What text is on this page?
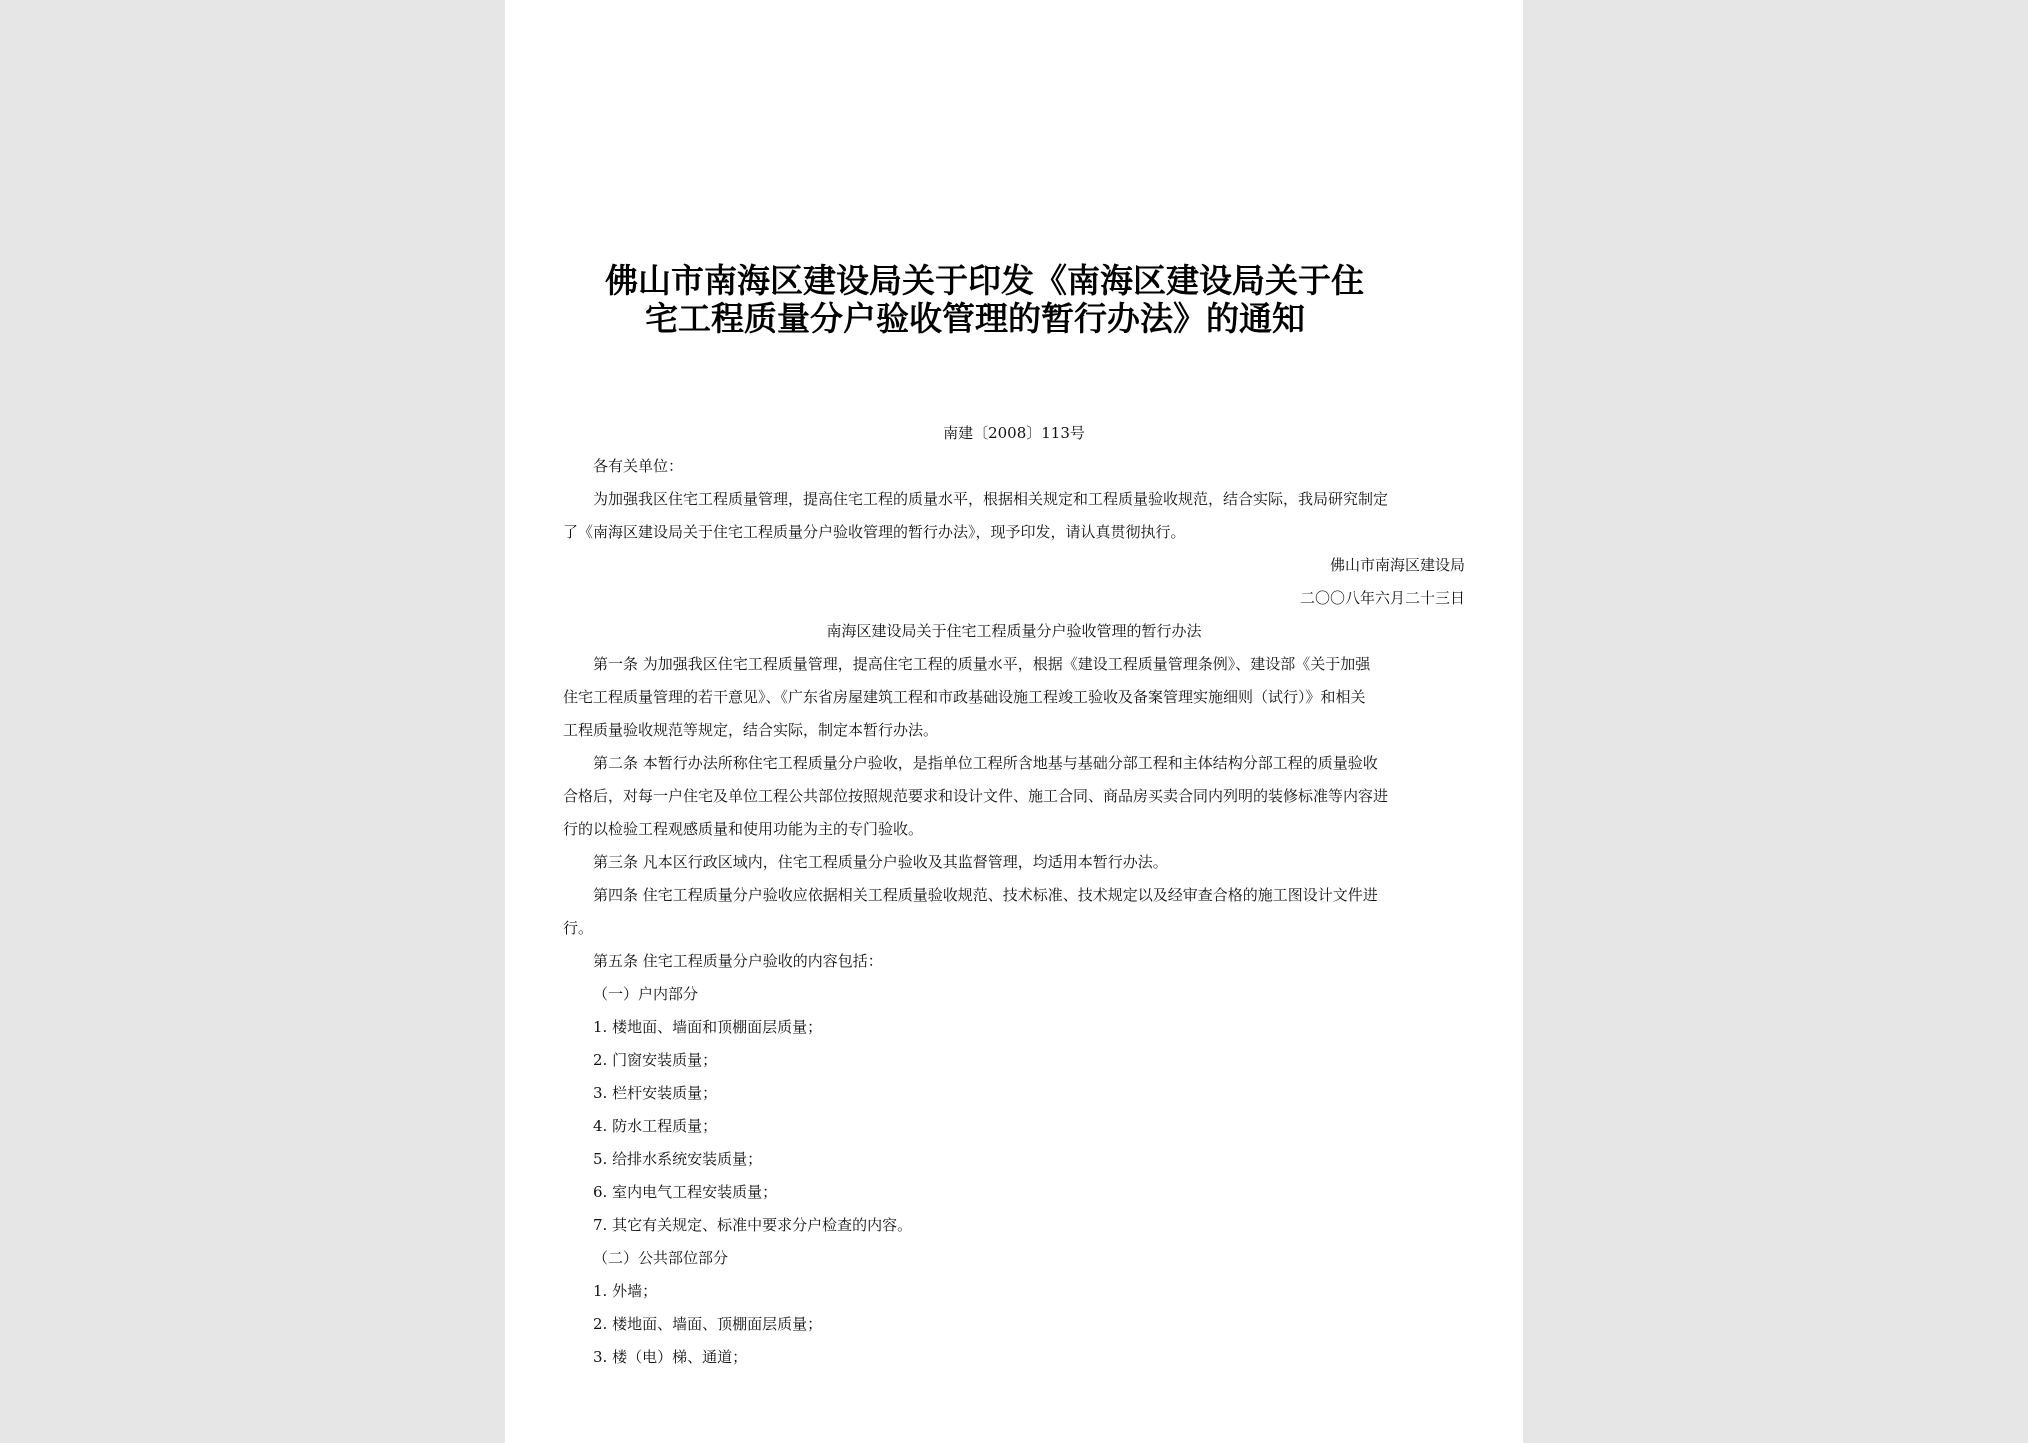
佛山市南海区建设局关于印发《南海区建设局关于住
宅工程质量分户验收管理的暂行办法》的通知
南建〔2008〕113号
各有关单位：
为加强我区住宅工程质量管理，提高住宅工程的质量水平，根据相关规定和工程质量验收规范，结合实际，我局研究制定
了《南海区建设局关于住宅工程质量分户验收管理的暂行办法》，现予印发，请认真贯彻执行。
佛山市南海区建设局
二〇〇八年六月二十三日
南海区建设局关于住宅工程质量分户验收管理的暂行办法
第一条 为加强我区住宅工程质量管理，提高住宅工程的质量水平，根据《建设工程质量管理条例》、建设部《关于加强
住宅工程质量管理的若干意见》、《广东省房屋建筑工程和市政基础设施工程竣工验收及备案管理实施细则（试行）》和相关
工程质量验收规范等规定，结合实际，制定本暂行办法。
第二条 本暂行办法所称住宅工程质量分户验收，是指单位工程所含地基与基础分部工程和主体结构分部工程的质量验收
合格后，对每一户住宅及单位工程公共部位按照规范要求和设计文件、施工合同、商品房买卖合同内列明的装修标准等内容进
行的以检验工程观感质量和使用功能为主的专门验收。
第三条 凡本区行政区域内，住宅工程质量分户验收及其监督管理，均适用本暂行办法。
第四条 住宅工程质量分户验收应依据相关工程质量验收规范、技术标准、技术规定以及经审查合格的施工图设计文件进
行。
第五条 住宅工程质量分户验收的内容包括：
（一）户内部分
1. 楼地面、墙面和顶棚面层质量；
2. 门窗安装质量；
3. 栏杆安装质量；
4. 防水工程质量；
5. 给排水系统安装质量；
6. 室内电气工程安装质量；
7. 其它有关规定、标准中要求分户检查的内容。
（二）公共部位部分
1. 外墙；
2. 楼地面、墙面、顶棚面层质量；
3. 楼（电）梯、通道；
